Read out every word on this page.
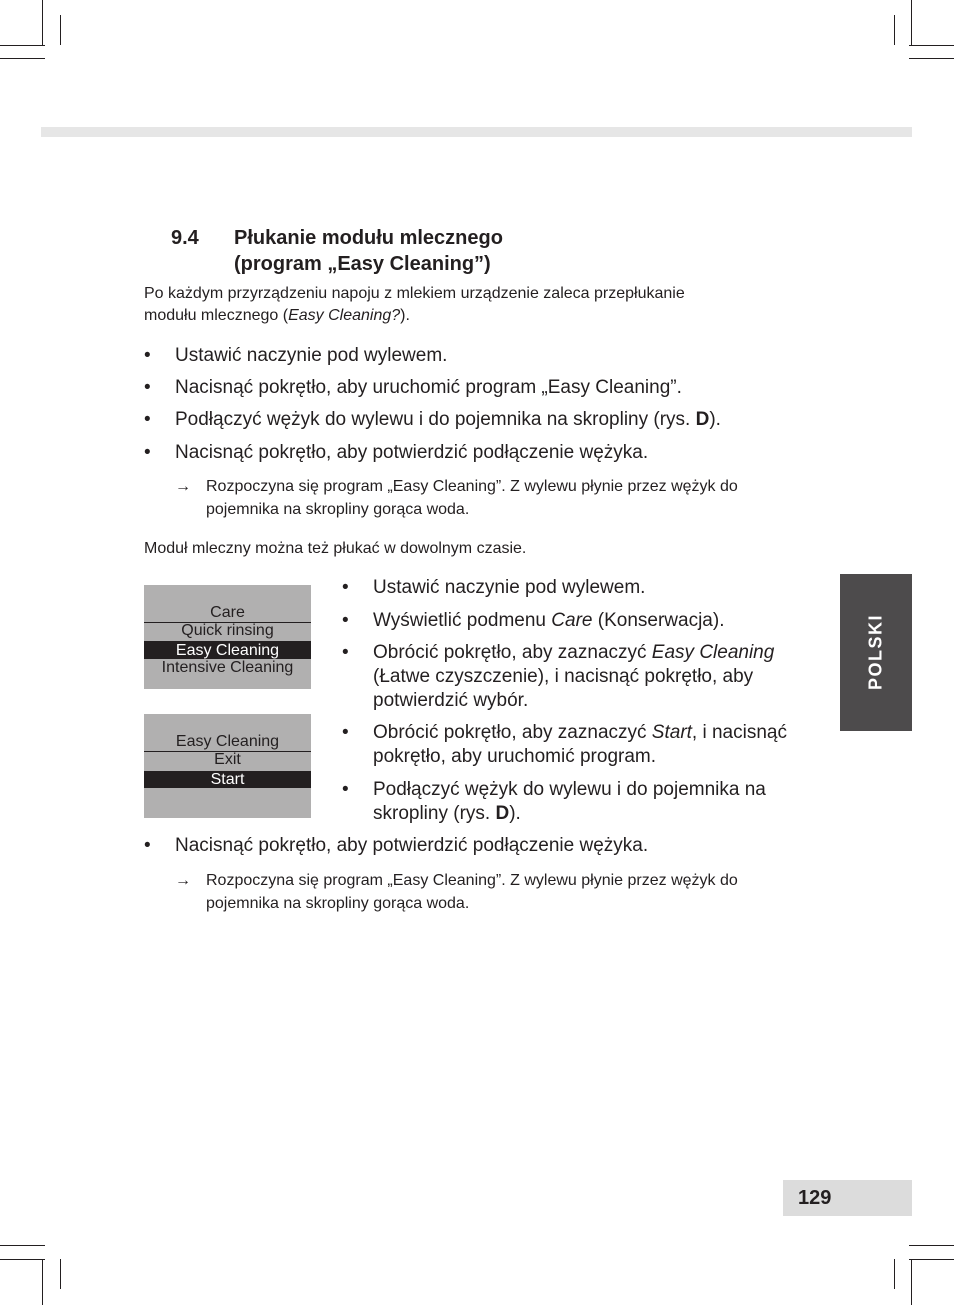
9.4 Płukanie modułu mlecznego
(program „Easy Cleaning”)
Po każdym przyrządzeniu napoju z mlekiem urządzenie zaleca przepłukanie
modułu mlecznego (Easy Cleaning?).
• Ustawić naczynie pod wylewem.
• Nacisnąć pokrętło, aby uruchomić program „Easy Cleaning”.
• Podłączyć wężyk do wylewu i do pojemnika na skropliny (rys. D).
• Nacisnąć pokrętło, aby potwierdzić podłączenie wężyka.
→ Rozpoczyna się program „Easy Cleaning”. Z wylewu płynie przez wężyk do
pojemnika na skropliny gorąca woda.
Moduł mleczny można też płukać w dowolnym czasie.
Care
Quick rinsing
Easy Cleaning
Intensive Cleaning
Easy Cleaning
Exit
Start
• Ustawić naczynie pod wylewem.
• Wyświetlić podmenu Care (Konserwacja).
• Obrócić pokrętło, aby zaznaczyć Easy Cleaning (Łatwe czyszczenie), i nacisnąć pokrętło, aby potwierdzić wybór.
• Obrócić pokrętło, aby zaznaczyć Start, i nacisnąć pokrętło, aby uruchomić program.
• Podłączyć wężyk do wylewu i do pojemnika na skropliny (rys. D).
• Nacisnąć pokrętło, aby potwierdzić podłączenie wężyka.
→ Rozpoczyna się program „Easy Cleaning”. Z wylewu płynie przez wężyk do
pojemnika na skropliny gorąca woda.
POLSKI
129
